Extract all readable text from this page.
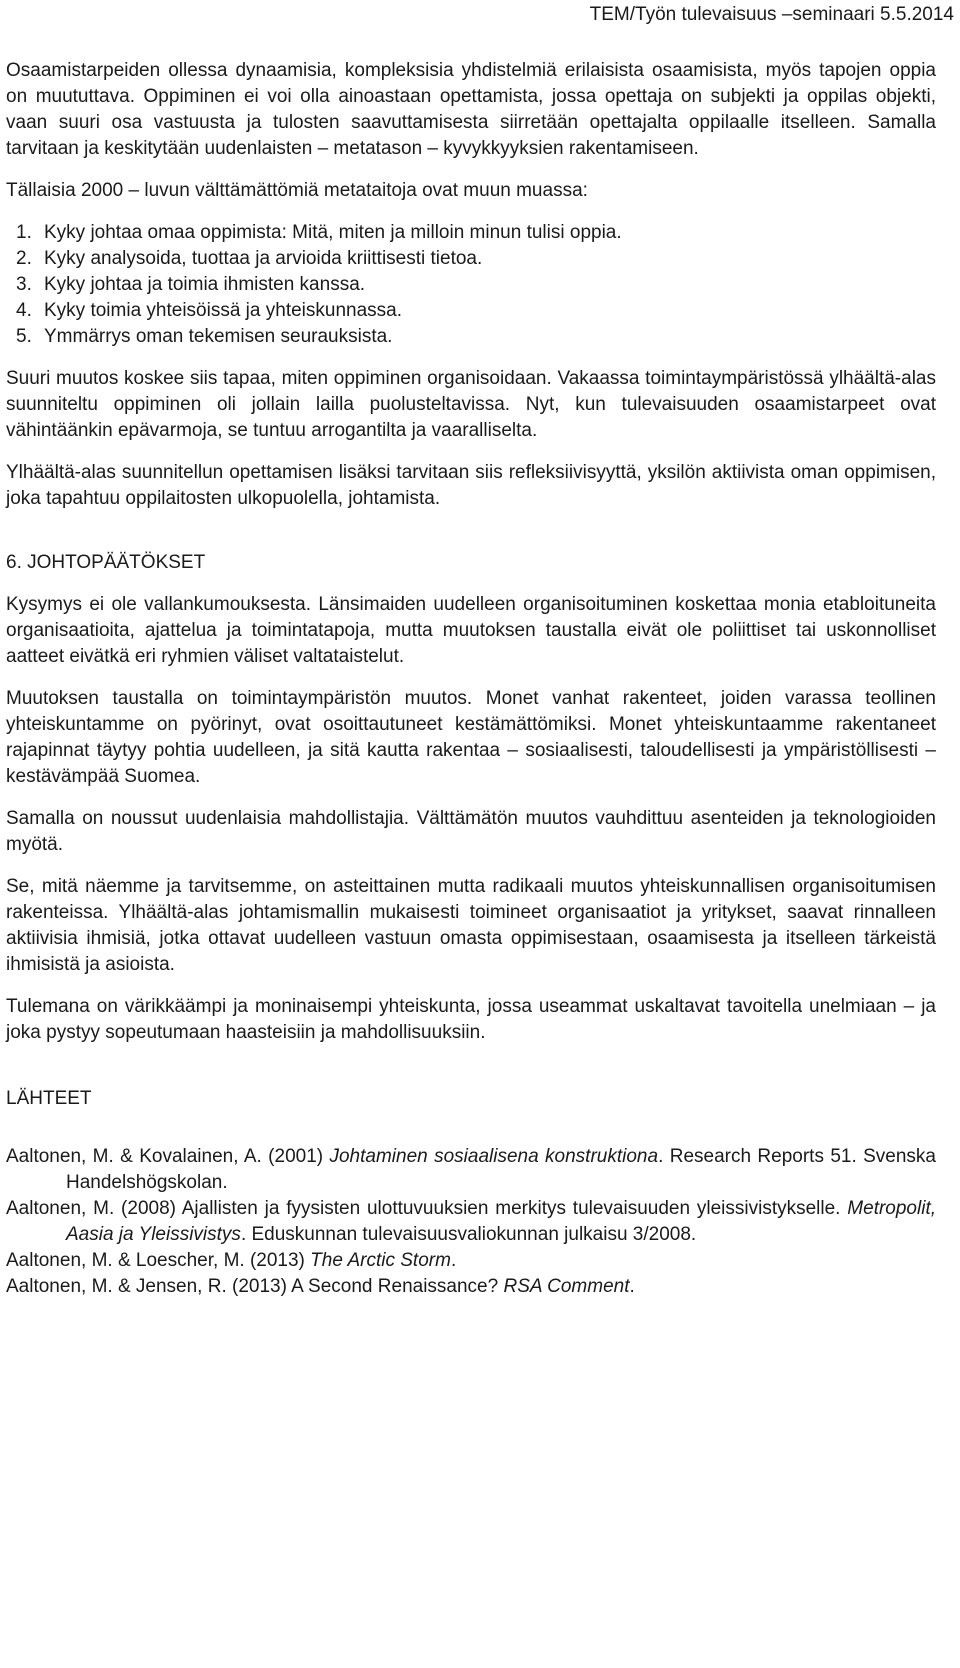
TEM/Työn tulevaisuus –seminaari 5.5.2014

Osaamistarpeiden ollessa dynaamisia, kompleksisia yhdistelmiä erilaisista osaamisista, myös tapojen oppia on muututtava. Oppiminen ei voi olla ainoastaan opettamista, jossa opettaja on subjekti ja oppilas objekti, vaan suuri osa vastuusta ja tulosten saavuttamisesta siirretään opettajalta oppilaalle itselleen. Samalla tarvitaan ja keskitytään uudenlaisten – metatason – kyvykkyyksien rakentamiseen.

Tällaisia 2000 – luvun välttämättömiä metataitoja ovat muun muassa:

1. Kyky johtaa omaa oppimista: Mitä, miten ja milloin minun tulisi oppia.
2. Kyky analysoida, tuottaa ja arvioida kriittisesti tietoa.
3. Kyky johtaa ja toimia ihmisten kanssa.
4. Kyky toimia yhteisöissä ja yhteiskunnassa.
5. Ymmärrys oman tekemisen seurauksista.

Suuri muutos koskee siis tapaa, miten oppiminen organisoidaan. Vakaassa toimintaympäristössä ylhäältä-alas suunniteltu oppiminen oli jollain lailla puolusteltavissa. Nyt, kun tulevaisuuden osaamistarpeet ovat vähintäänkin epävarmoja, se tuntuu arrogantilta ja vaaralliselta.

Ylhäältä-alas suunnitellun opettamisen lisäksi tarvitaan siis refleksiivisyyttä, yksilön aktiivista oman oppimisen, joka tapahtuu oppilaitosten ulkopuolella, johtamista.

6. JOHTOPÄÄTÖKSET

Kysymys ei ole vallankumouksesta. Länsimaiden uudelleen organisoituminen koskettaa monia etabloituneita organisaatioita, ajattelua ja toimintatapoja, mutta muutoksen taustalla eivät ole poliittiset tai uskonnolliset aatteet eivätkä eri ryhmien väliset valtataistelut.

Muutoksen taustalla on toimintaympäristön muutos. Monet vanhat rakenteet, joiden varassa teollinen yhteiskuntamme on pyörinyt, ovat osoittautuneet kestämättömiksi. Monet yhteiskuntaamme rakentaneet rajapinnat täytyy pohtia uudelleen, ja sitä kautta rakentaa – sosiaalisesti, taloudellisesti ja ympäristöllisesti – kestävämpää Suomea.

Samalla on noussut uudenlaisia mahdollistajia. Välttämätön muutos vauhdittuu asenteiden ja teknologioiden myötä.

Se, mitä näemme ja tarvitsemme, on asteittainen mutta radikaali muutos yhteiskunnallisen organisoitumisen rakenteissa. Ylhäältä-alas johtamismallin mukaisesti toimineet organisaatiot ja yritykset, saavat rinnalleen aktiivisia ihmisiä, jotka ottavat uudelleen vastuun omasta oppimisestaan, osaamisesta ja itselleen tärkeistä ihmisistä ja asioista.

Tulemana on värikkäämpi ja moninaisempi yhteiskunta, jossa useammat uskaltavat tavoitella unelmiaan – ja joka pystyy sopeutumaan haasteisiin ja mahdollisuuksiin.

LÄHTEET

Aaltonen, M. & Kovalainen, A. (2001) Johtaminen sosiaalisena konstruktiona. Research Reports 51. Svenska Handelshögskolan.

Aaltonen, M. (2008) Ajallisten ja fyysisten ulottuvuuksien merkitys tulevaisuuden yleissivistykselle. Metropolit, Aasia ja Yleissivistys. Eduskunnan tulevaisuusvaliokunnan julkaisu 3/2008.

Aaltonen, M. & Loescher, M. (2013) The Arctic Storm.

Aaltonen, M. & Jensen, R. (2013) A Second Renaissance? RSA Comment.
